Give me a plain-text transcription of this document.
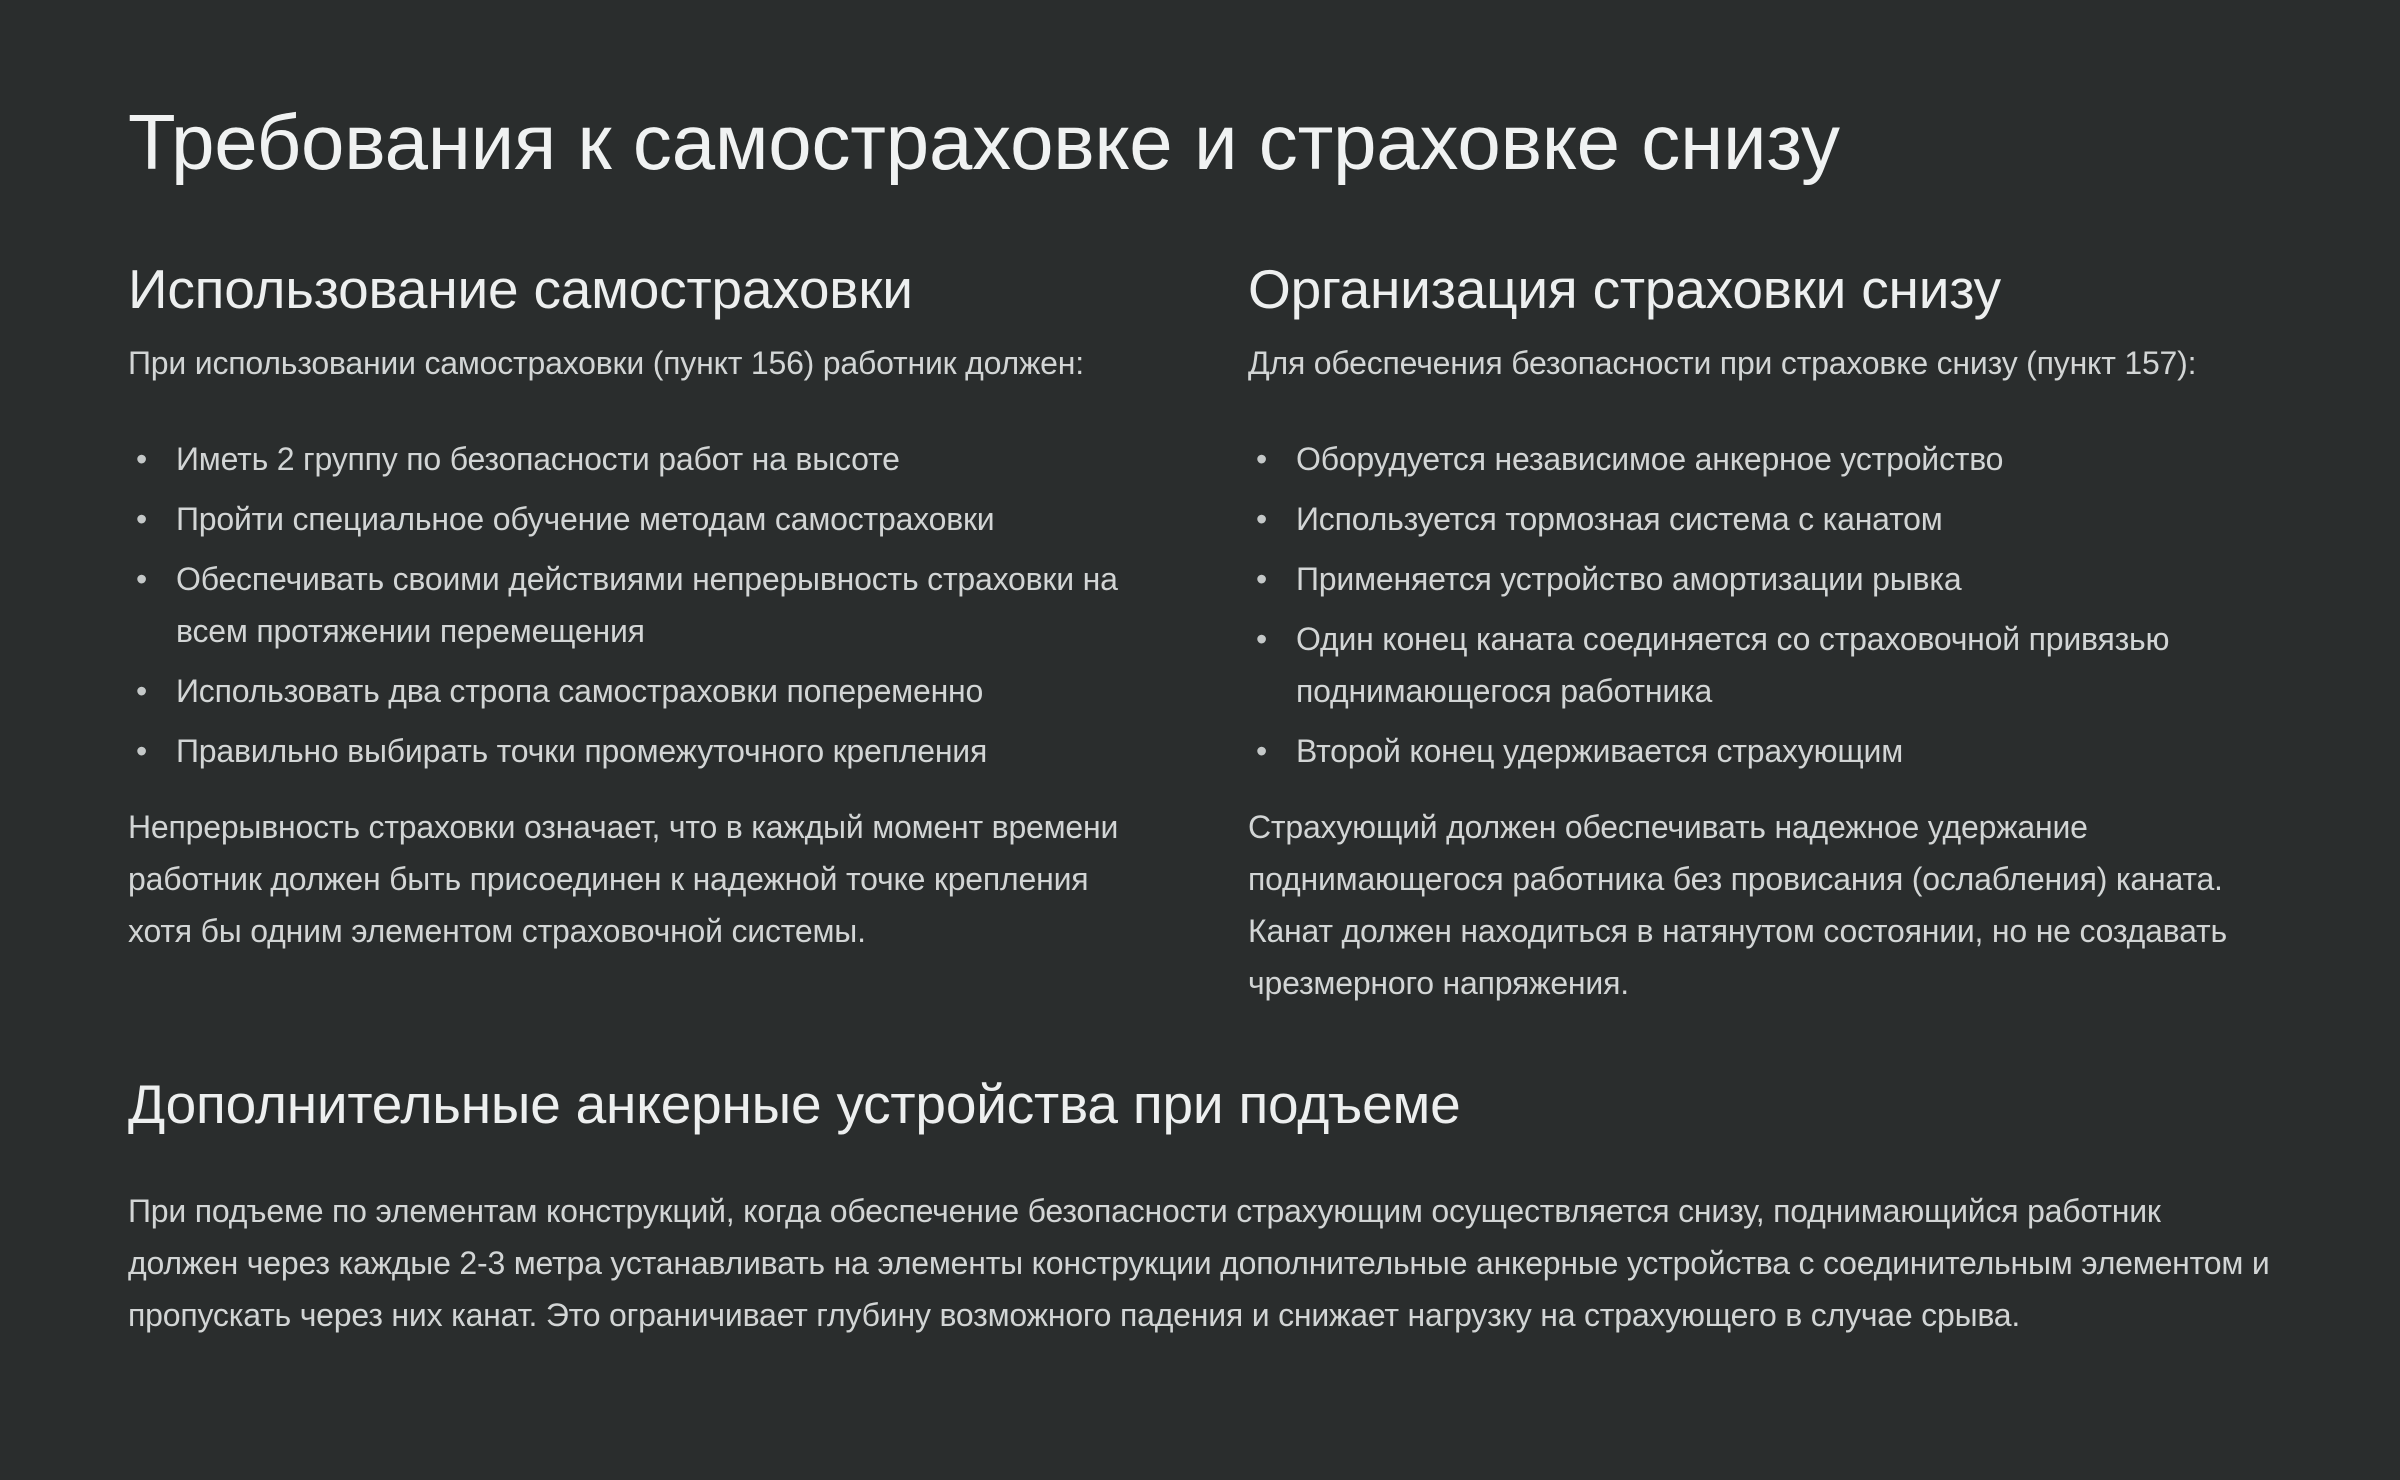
Требования к самостраховке и страховке снизу
Использование самостраховки

При использовании самостраховки (пункт 156) работник должен:

• Иметь 2 группу по безопасности работ на высоте
• Пройти специальное обучение методам самостраховки
• Обеспечивать своими действиями непрерывность страховки на всем протяжении перемещения
• Использовать два стропа самостраховки попеременно
• Правильно выбирать точки промежуточного крепления

Непрерывность страховки означает, что в каждый момент времени работник должен быть присоединен к надежной точке крепления хотя бы одним элементом страховочной системы.

Организация страховки снизу

Для обеспечения безопасности при страховке снизу (пункт 157):

• Оборудуется независимое анкерное устройство
• Используется тормозная система с канатом
• Применяется устройство амортизации рывка
• Один конец каната соединяется со страховочной привязью поднимающегося работника
• Второй конец удерживается страхующим

Страхующий должен обеспечивать надежное удержание поднимающегося работника без провисания (ослабления) каната. Канат должен находиться в натянутом состоянии, но не создавать чрезмерного напряжения.

Дополнительные анкерные устройства при подъеме

При подъеме по элементам конструкций, когда обеспечение безопасности страхующим осуществляется снизу, поднимающийся работник должен через каждые 2-3 метра устанавливать на элементы конструкции дополнительные анкерные устройства с соединительным элементом и пропускать через них канат. Это ограничивает глубину возможного падения и снижает нагрузку на страхующего в случае срыва.
